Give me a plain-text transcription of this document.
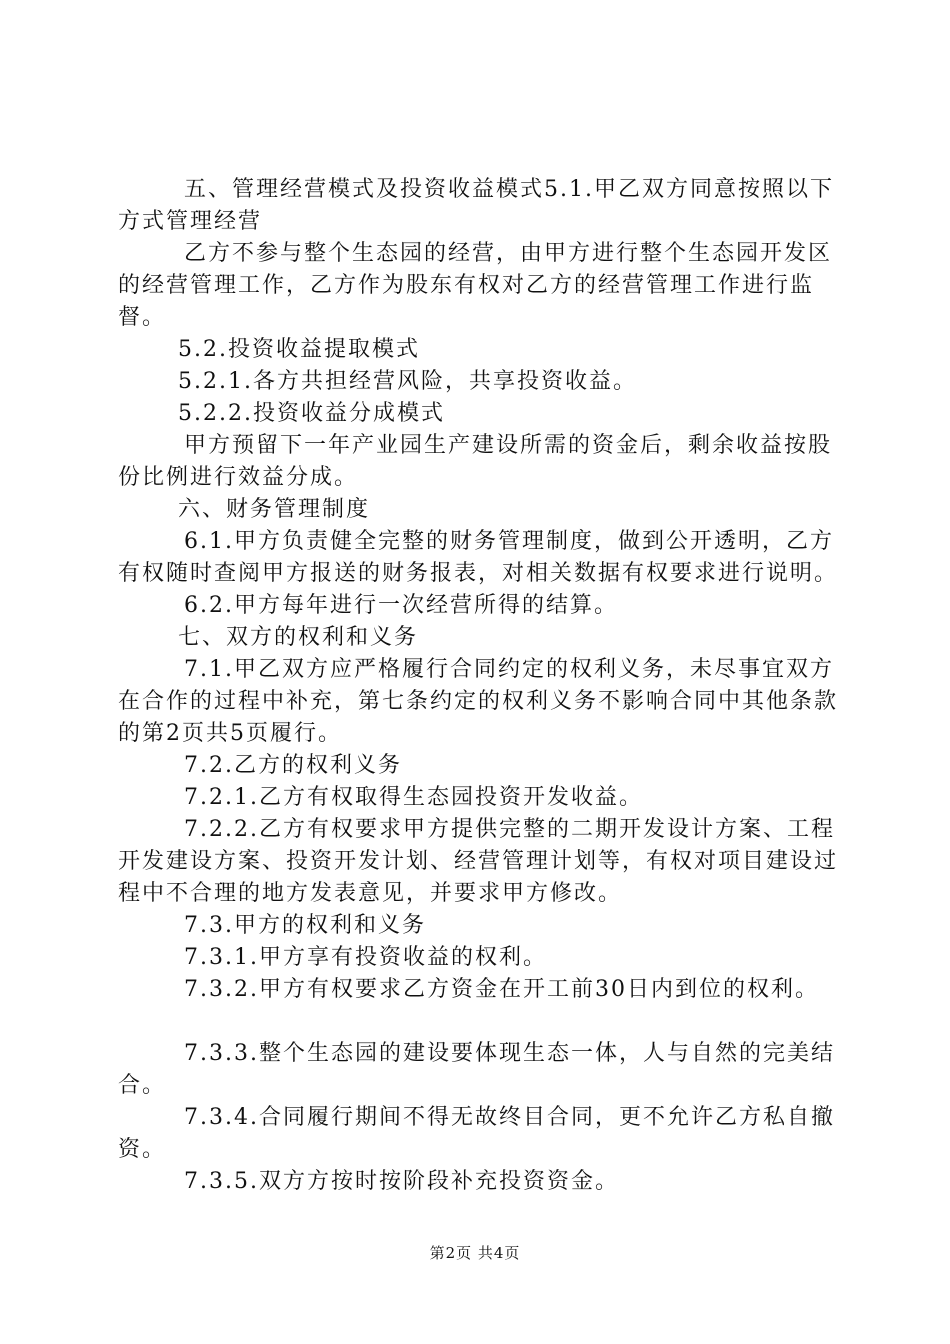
五、管理经营模式及投资收益模式5.1.甲乙双方同意按照以下方式管理经营

乙方不参与整个生态园的经营，由甲方进行整个生态园开发区的经营管理工作，乙方作为股东有权对乙方的经营管理工作进行监督。

5.2.投资收益提取模式

5.2.1.各方共担经营风险，共享投资收益。

5.2.2.投资收益分成模式

甲方预留下一年产业园生产建设所需的资金后，剩余收益按股份比例进行效益分成。

六、财务管理制度

6.1.甲方负责健全完整的财务管理制度，做到公开透明，乙方有权随时查阅甲方报送的财务报表，对相关数据有权要求进行说明。

6.2.甲方每年进行一次经营所得的结算。

七、双方的权利和义务

7.1.甲乙双方应严格履行合同约定的权利义务，未尽事宜双方在合作的过程中补充，第七条约定的权利义务不影响合同中其他条款的第2页共5页履行。

7.2.乙方的权利义务

7.2.1.乙方有权取得生态园投资开发收益。

7.2.2.乙方有权要求甲方提供完整的二期开发设计方案、工程开发建设方案、投资开发计划、经营管理计划等，有权对项目建设过程中不合理的地方发表意见，并要求甲方修改。

7.3.甲方的权利和义务

7.3.1.甲方享有投资收益的权利。

7.3.2.甲方有权要求乙方资金在开工前30日内到位的权利。

7.3.3.整个生态园的建设要体现生态一体，人与自然的完美结合。

7.3.4.合同履行期间不得无故终目合同，更不允许乙方私自撤资。

7.3.5.双方方按时按阶段补充投资资金。

第2页 共4页
